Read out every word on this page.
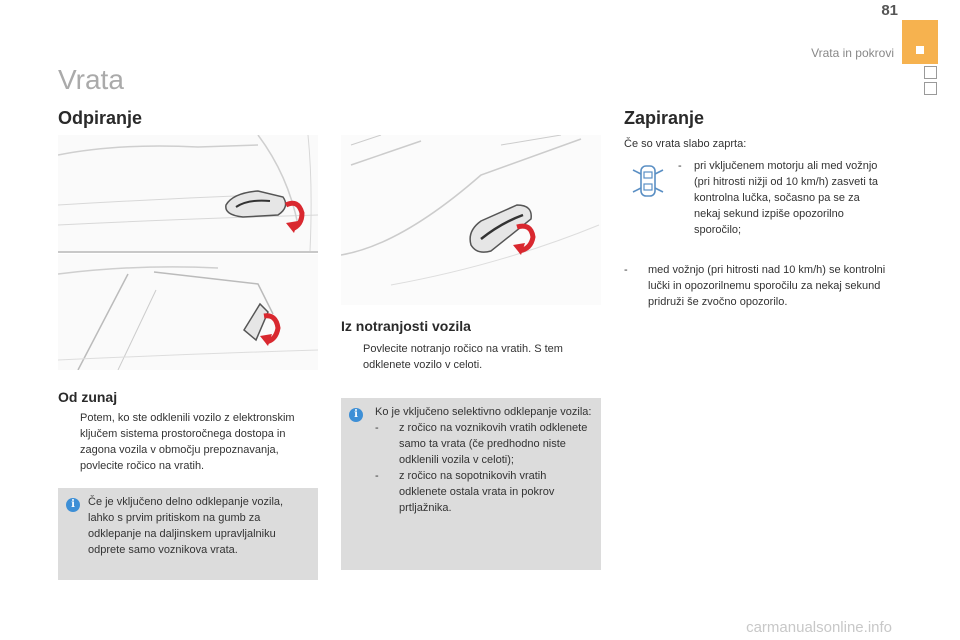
81
Vrata in pokrovi
Vrata
Odpiranje
Od zunaj
Potem, ko ste odklenili vozilo z elektronskim ključem sistema prostoročnega dostopa in zagona vozila v območju prepoznavanja, povlecite ročico na vratih.
i	Če je vključeno delno odklepanje vozila, lahko s prvim pritiskom na gumb za odklepanje na daljinskem upravljalniku odprete samo voznikova vrata.
Iz notranjosti vozila
Povlecite notranjo ročico na vratih. S tem odklenete vozilo v celoti.
i	Ko je vključeno selektivno odklepanje vozila:
-	z ročico na voznikovih vratih odklenete samo ta vrata (če predhodno niste odklenili vozila v celoti);
-	z ročico na sopotnikovih vratih odklenete ostala vrata in pokrov prtljažnika.
Zapiranje
Če so vrata slabo zaprta:
-	pri vključenem motorju ali med vožnjo (pri hitrosti nižji od 10 km/h) zasveti ta kontrolna lučka, sočasno pa se za nekaj sekund izpiše opozorilno sporočilo;
-	med vožnjo (pri hitrosti nad 10 km/h) se kontrolni lučki in opozorilnemu sporočilu za nekaj sekund pridruži še zvočno opozorilo.
carmanualsonline.info
